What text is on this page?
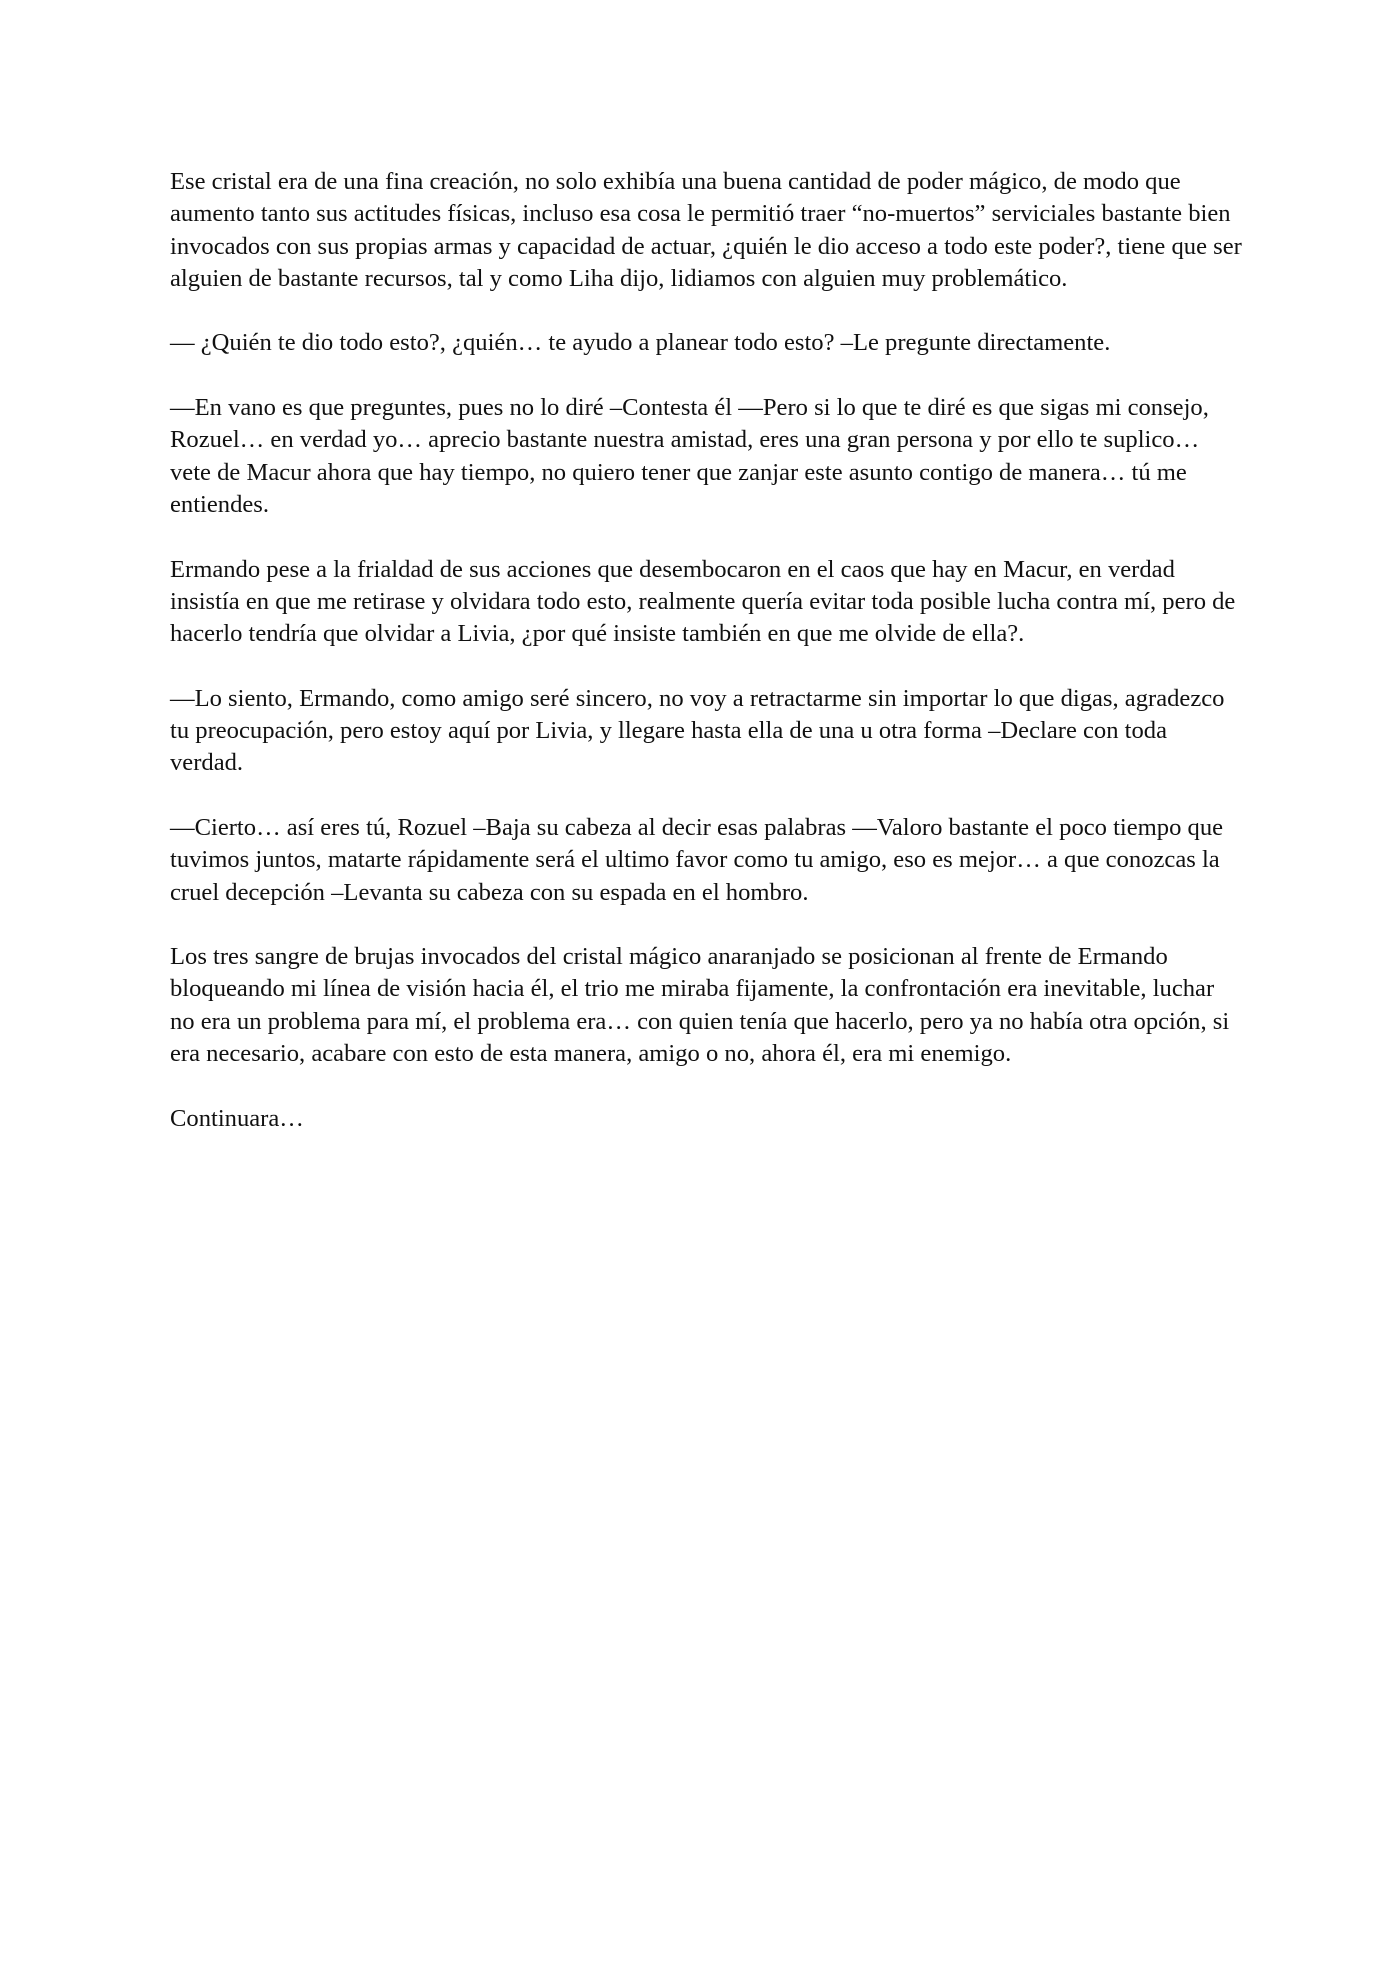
Ese cristal era de una fina creación, no solo exhibía una buena cantidad de poder mágico, de modo que aumento tanto sus actitudes físicas, incluso esa cosa le permitió traer “no-muertos” serviciales bastante bien invocados con sus propias armas y capacidad de actuar, ¿quién le dio acceso a todo este poder?, tiene que ser alguien de bastante recursos, tal y como Liha dijo, lidiamos con alguien muy problemático.

— ¿Quién te dio todo esto?, ¿quién… te ayudo a planear todo esto? –Le pregunte directamente.

—En vano es que preguntes, pues no lo diré –Contesta él —Pero si lo que te diré es que sigas mi consejo, Rozuel… en verdad yo… aprecio bastante nuestra amistad, eres una gran persona y por ello te suplico… vete de Macur ahora que hay tiempo, no quiero tener que zanjar este asunto contigo de manera… tú me entiendes.

Ermando pese a la frialdad de sus acciones que desembocaron en el caos que hay en Macur, en verdad insistía en que me retirase y olvidara todo esto, realmente quería evitar toda posible lucha contra mí, pero de hacerlo tendría que olvidar a Livia, ¿por qué insiste también en que me olvide de ella?.

—Lo siento, Ermando, como amigo seré sincero, no voy a retractarme sin importar lo que digas, agradezco tu preocupación, pero estoy aquí por Livia, y llegare hasta ella de una u otra forma –Declare con toda verdad.

—Cierto… así eres tú, Rozuel –Baja su cabeza al decir esas palabras —Valoro bastante el poco tiempo que tuvimos juntos, matarte rápidamente será el ultimo favor como tu amigo, eso es mejor… a que conozcas la cruel decepción –Levanta su cabeza con su espada en el hombro.

Los tres sangre de brujas invocados del cristal mágico anaranjado se posicionan al frente de Ermando bloqueando mi línea de visión hacia él, el trio me miraba fijamente, la confrontación era inevitable, luchar no era un problema para mí, el problema era… con quien tenía que hacerlo, pero ya no había otra opción, si era necesario, acabare con esto de esta manera, amigo o no, ahora él, era mi enemigo.

Continuara…
